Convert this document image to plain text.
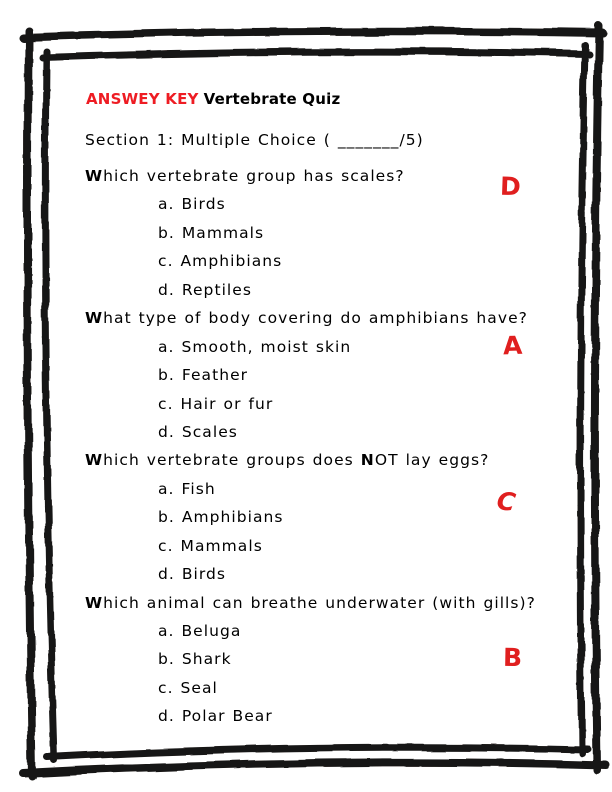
ANSWEY KEY Vertebrate Quiz
Section 1: Multiple Choice ( _______/5)
Which vertebrate group has scales?
a. Birds
b. Mammals
c. Amphibians
d. Reptiles
What type of body covering do amphibians have?
a. Smooth, moist skin
b. Feather
c. Hair or fur
d. Scales
Which vertebrate groups does NOT lay eggs?
a. Fish
b. Amphibians
c. Mammals
d. Birds
Which animal can breathe underwater (with gills)?
a. Beluga
b. Shark
c. Seal
d. Polar Bear
D
A
C
B
